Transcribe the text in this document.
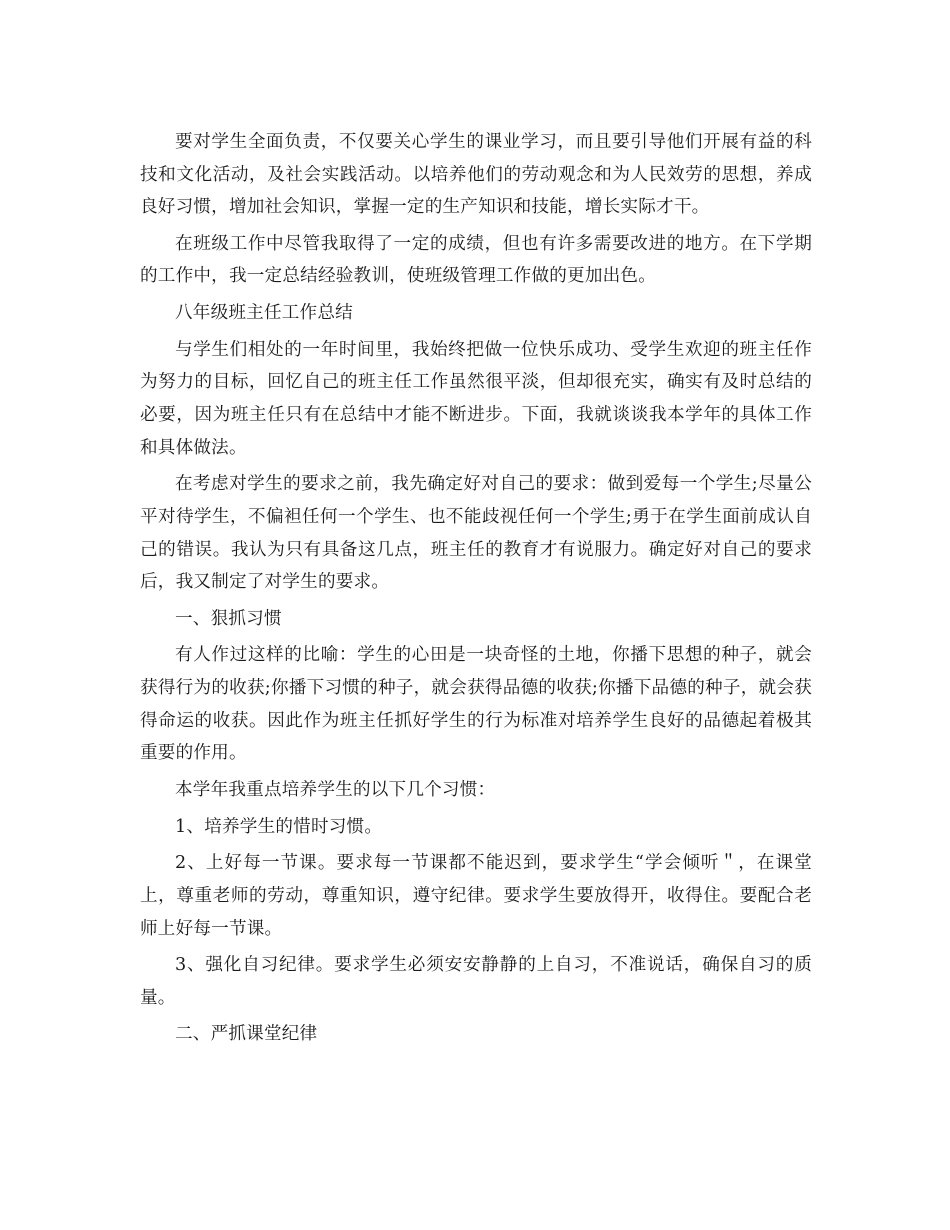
要对学生全面负责，不仅要关心学生的课业学习，而且要引导他们开展有益的科技和文化活动，及社会实践活动。以培养他们的劳动观念和为人民效劳的思想，养成良好习惯，增加社会知识，掌握一定的生产知识和技能，增长实际才干。

在班级工作中尽管我取得了一定的成绩，但也有许多需要改进的地方。在下学期的工作中，我一定总结经验教训，使班级管理工作做的更加出色。

八年级班主任工作总结

与学生们相处的一年时间里，我始终把做一位快乐成功、受学生欢迎的班主任作为努力的目标，回忆自己的班主任工作虽然很平淡，但却很充实，确实有及时总结的必要，因为班主任只有在总结中才能不断进步。下面，我就谈谈我本学年的具体工作和具体做法。

在考虑对学生的要求之前，我先确定好对自己的要求：做到爱每一个学生;尽量公平对待学生，不偏袒任何一个学生、也不能歧视任何一个学生;勇于在学生面前成认自己的错误。我认为只有具备这几点，班主任的教育才有说服力。确定好对自己的要求后，我又制定了对学生的要求。

一、狠抓习惯

有人作过这样的比喻：学生的心田是一块奇怪的土地，你播下思想的种子，就会获得行为的收获;你播下习惯的种子，就会获得品德的收获;你播下品德的种子，就会获得命运的收获。因此作为班主任抓好学生的行为标准对培养学生良好的品德起着极其重要的作用。

本学年我重点培养学生的以下几个习惯：

1、培养学生的惜时习惯。

2、上好每一节课。要求每一节课都不能迟到，要求学生“学会倾听＂，在课堂上，尊重老师的劳动，尊重知识，遵守纪律。要求学生要放得开，收得住。要配合老师上好每一节课。

3、强化自习纪律。要求学生必须安安静静的上自习，不准说话，确保自习的质 量。

二、严抓课堂纪律
